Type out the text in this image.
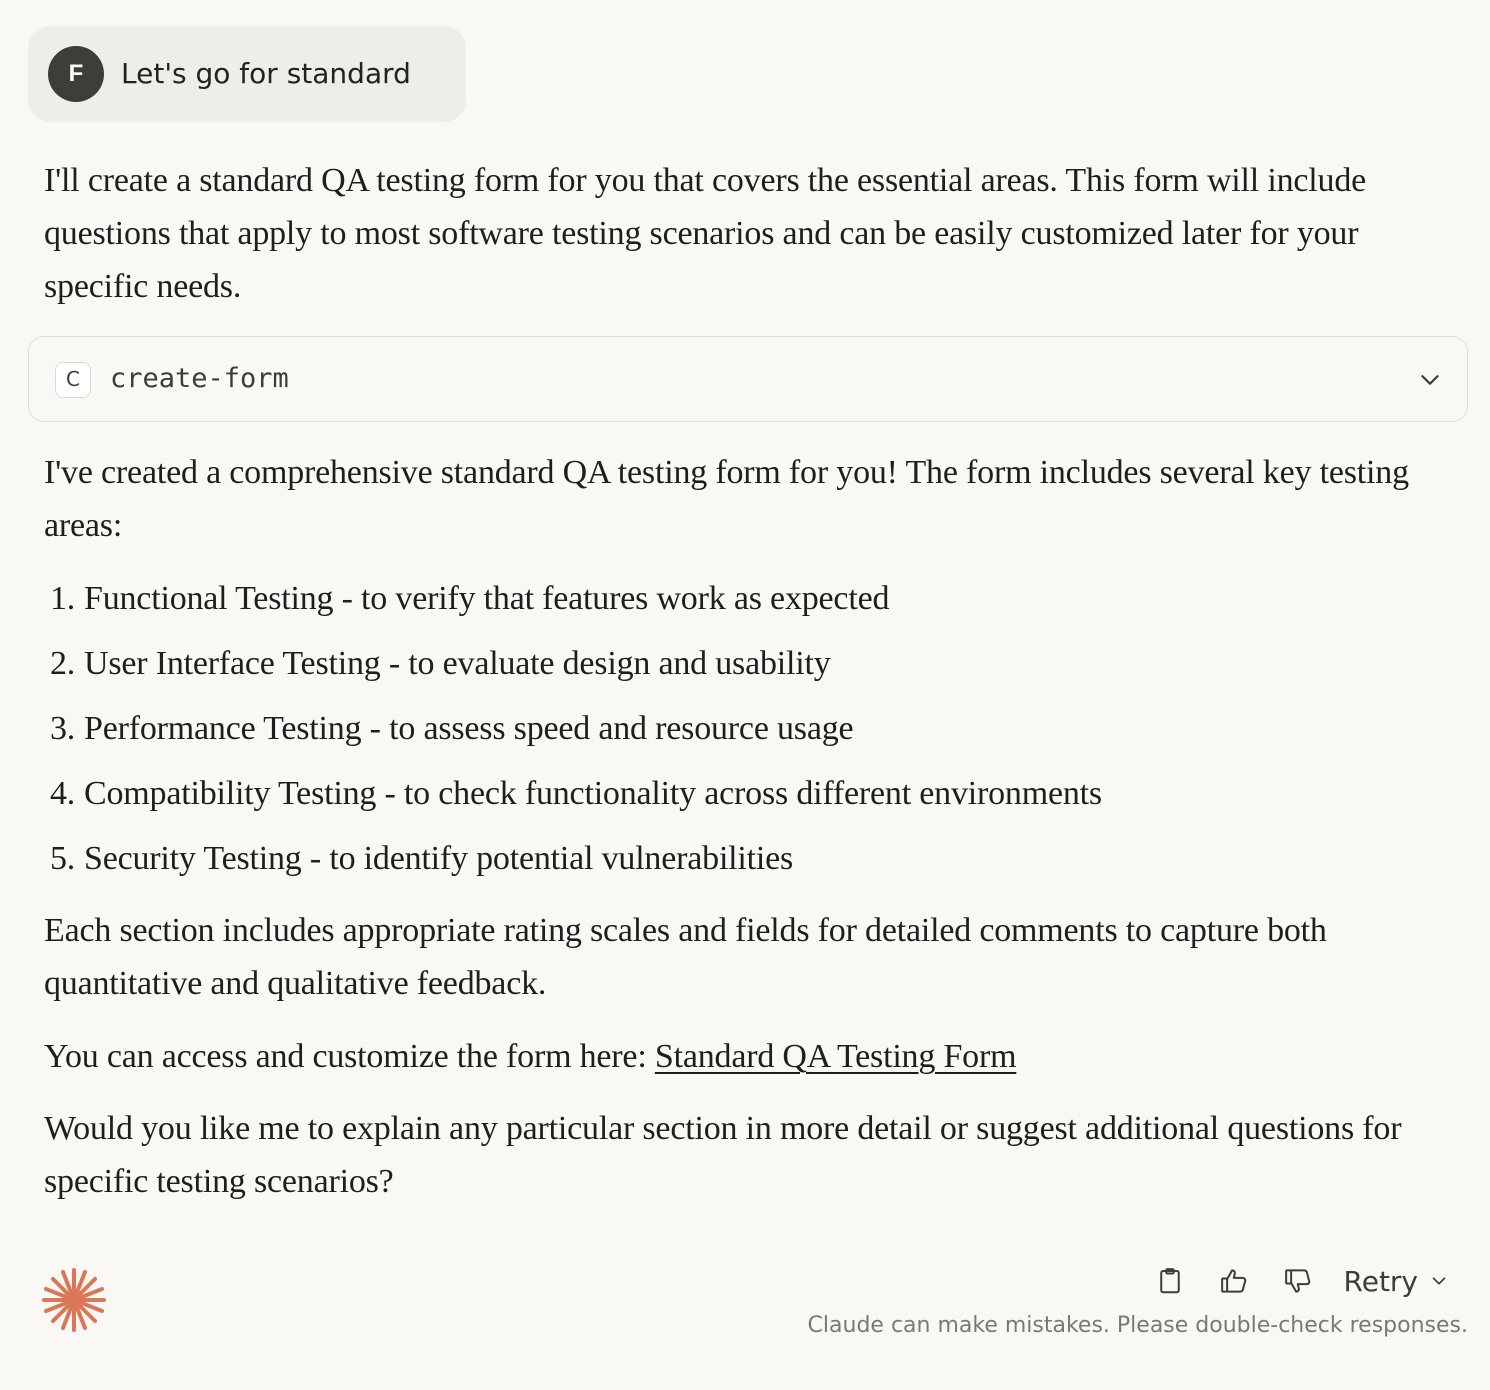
F	Let's go for standard

I'll create a standard QA testing form for you that covers the essential areas. This form will include questions that apply to most software testing scenarios and can be easily customized later for your specific needs.

C	create-form

I've created a comprehensive standard QA testing form for you! The form includes several key testing areas:

1. Functional Testing - to verify that features work as expected
2. User Interface Testing - to evaluate design and usability
3. Performance Testing - to assess speed and resource usage
4. Compatibility Testing - to check functionality across different environments
5. Security Testing - to identify potential vulnerabilities

Each section includes appropriate rating scales and fields for detailed comments to capture both quantitative and qualitative feedback.

You can access and customize the form here: Standard QA Testing Form

Would you like me to explain any particular section in more detail or suggest additional questions for specific testing scenarios?

Retry
Claude can make mistakes. Please double-check responses.
